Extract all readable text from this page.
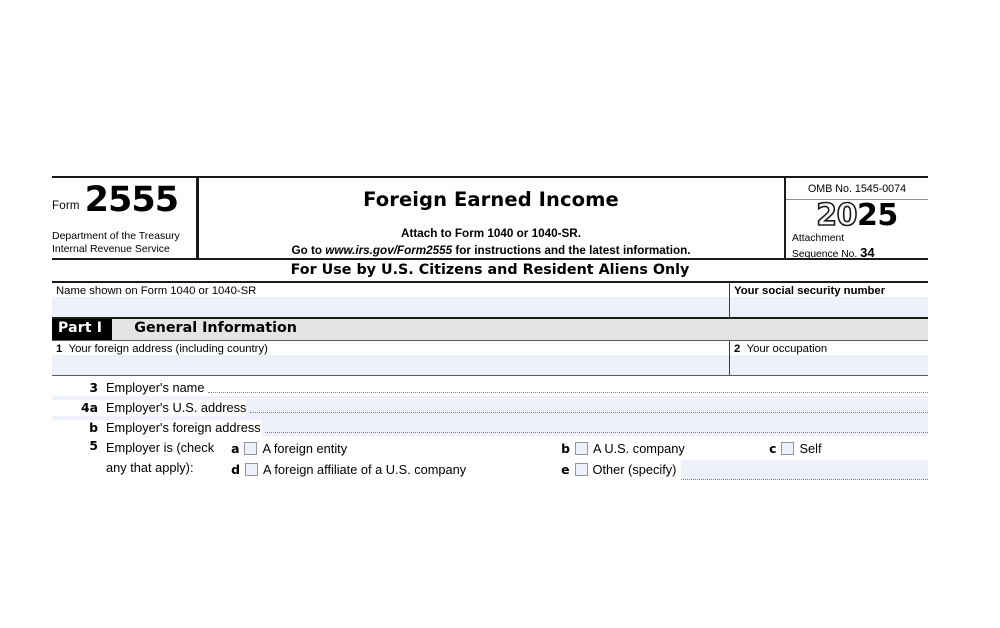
Form 2555
Department of the Treasury
Internal Revenue Service
Foreign Earned Income
Attach to Form 1040 or 1040-SR.
Go to www.irs.gov/Form2555 for instructions and the latest information.
OMB No. 1545-0074
2025
Attachment
Sequence No. 34
For Use by U.S. Citizens and Resident Aliens Only
Name shown on Form 1040 or 1040-SR	Your social security number
Part I	General Information
1 Your foreign address (including country)	2 Your occupation
3 Employer's name
4a Employer's U.S. address
b Employer's foreign address
5 Employer is (check
any that apply):
a A foreign entity	b A U.S. company	c Self
d A foreign affiliate of a U.S. company	e Other (specify)
